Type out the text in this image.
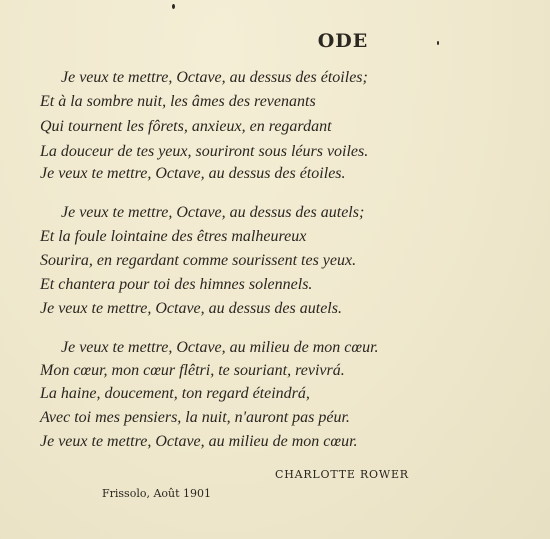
ODE
Je veux te mettre, Octave, au dessus des étoiles;
Et à la sombre nuit, les âmes des revenants
Qui tournent les fôrets, anxieux, en regardant
La douceur de tes yeux, souriront sous léurs voiles.
Je veux te mettre, Octave, au dessus des étoiles.
Je veux te mettre, Octave, au dessus des autels;
Et la foule lointaine des êtres malheureux
Sourira, en regardant comme sourissent tes yeux.
Et chantera pour toi des himnes solennels.
Je veux te mettre, Octave, au dessus des autels.
Je veux te mettre, Octave, au milieu de mon cœur.
Mon cœur, mon cœur flêtri, te souriant, revivrá.
La haine, doucement, ton regard éteindrá,
Avec toi mes pensiers, la nuit, n'auront pas péur.
Je veux te mettre, Octave, au milieu de mon cœur.
CHARLOTTE ROWER
Frissolo, Août 1901
